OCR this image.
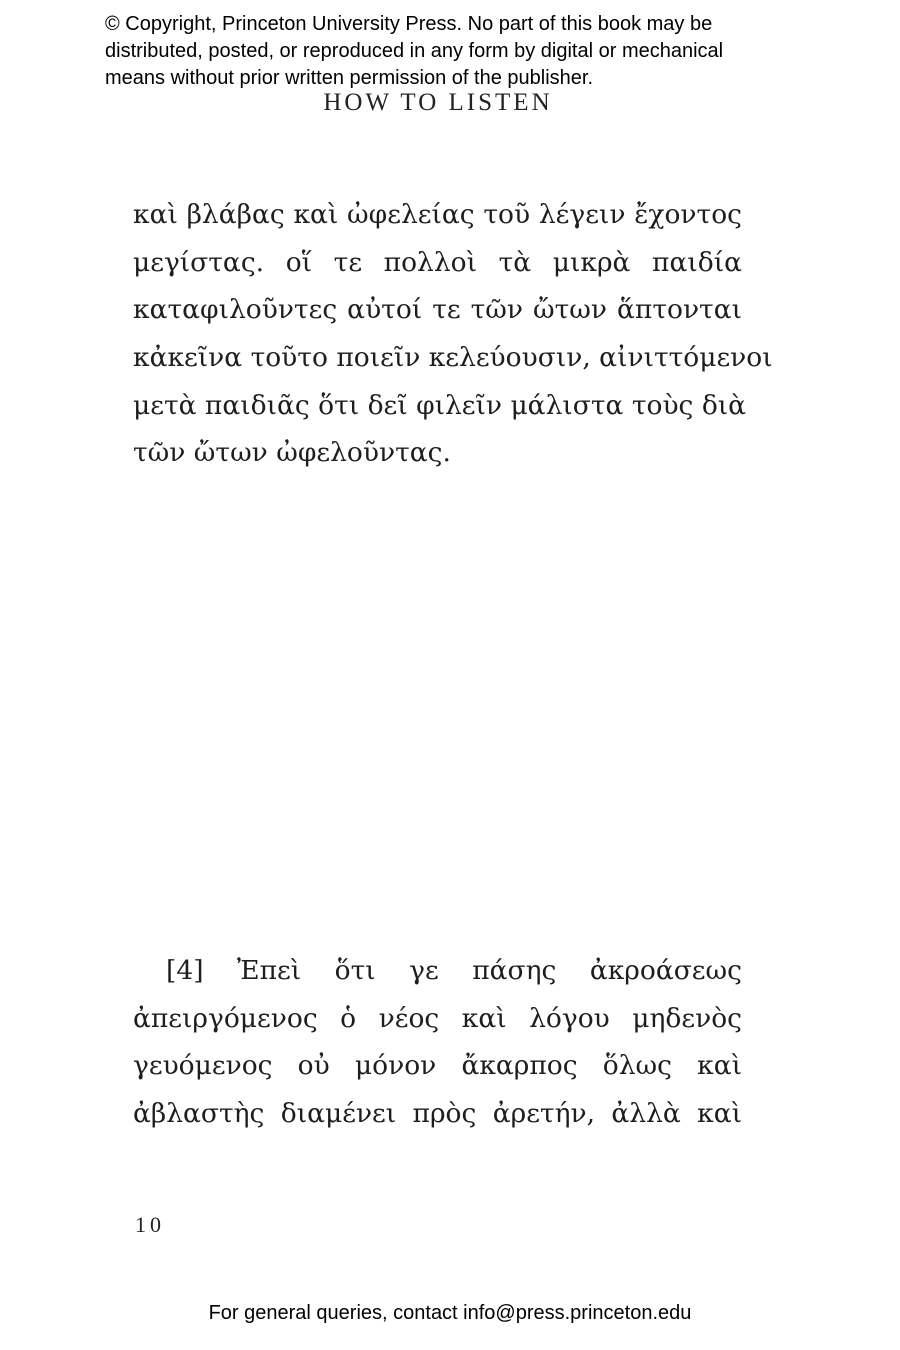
© Copyright, Princeton University Press. No part of this book may be
distributed, posted, or reproduced in any form by digital or mechanical
means without prior written permission of the publisher.
HOW TO LISTEN
καὶ βλάβας καὶ ὠφελείας τοῦ λέγειν ἔχοντος
μεγίστας. οἵ τε πολλοὶ τὰ μικρὰ παιδία
καταφιλοῦντες αὐτοί τε τῶν ὤτων ἅπτονται
κἀκεῖνα τοῦτο ποιεῖν κελεύουσιν, αἰνιττόμενοι
μετὰ παιδιᾶς ὅτι δεῖ φιλεῖν μάλιστα τοὺς διὰ
τῶν ὤτων ὠφελοῦντας.
[4] Ἐπεὶ ὅτι γε πάσης ἀκροάσεως
ἀπειργόμενος ὁ νέος καὶ λόγου μηδενὸς
γευόμενος οὐ μόνον ἄκαρπος ὅλως καὶ
ἀβλαστὴς διαμένει πρὸς ἀρετήν, ἀλλὰ καὶ
10
For general queries, contact info@press.princeton.edu
